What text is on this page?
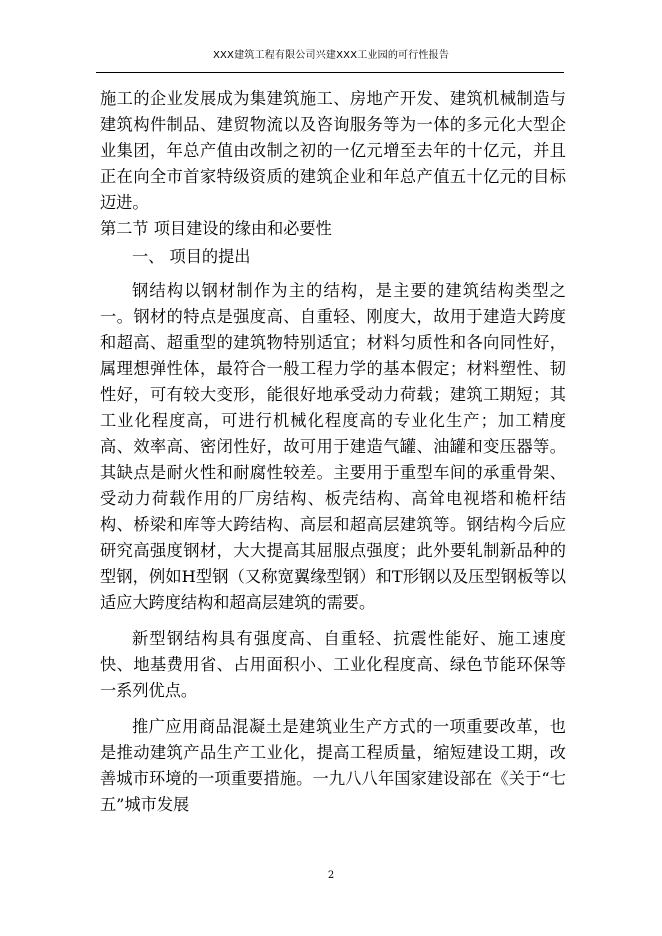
XXX建筑工程有限公司兴建XXX工业园的可行性报告

施工的企业发展成为集建筑施工、房地产开发、建筑机械制造与建筑构件制品、建贸物流以及咨询服务等为一体的多元化大型企业集团，年总产值由改制之初的一亿元增至去年的十亿元，并且正在向全市首家特级资质的建筑企业和年总产值五十亿元的目标迈进。

第二节 项目建设的缘由和必要性

一、 项目的提出

钢结构以钢材制作为主的结构，是主要的建筑结构类型之一。钢材的特点是强度高、自重轻、刚度大，故用于建造大跨度和超高、超重型的建筑物特别适宜；材料匀质性和各向同性好，属理想弹性体，最符合一般工程力学的基本假定；材料塑性、韧性好，可有较大变形，能很好地承受动力荷载；建筑工期短；其工业化程度高，可进行机械化程度高的专业化生产；加工精度高、效率高、密闭性好，故可用于建造气罐、油罐和变压器等。其缺点是耐火性和耐腐性较差。主要用于重型车间的承重骨架、受动力荷载作用的厂房结构、板壳结构、高耸电视塔和桅杆结构、桥梁和库等大跨结构、高层和超高层建筑等。钢结构今后应研究高强度钢材，大大提高其屈服点强度；此外要轧制新品种的型钢，例如H型钢（又称宽翼缘型钢）和T形钢以及压型钢板等以适应大跨度结构和超高层建筑的需要。

新型钢结构具有强度高、自重轻、抗震性能好、施工速度快、地基费用省、占用面积小、工业化程度高、绿色节能环保等一系列优点。

推广应用商品混凝土是建筑业生产方式的一项重要改革，也是推动建筑产品生产工业化，提高工程质量，缩短建设工期，改善城市环境的一项重要措施。一九八八年国家建设部在《关于“七五”城市发展

2
